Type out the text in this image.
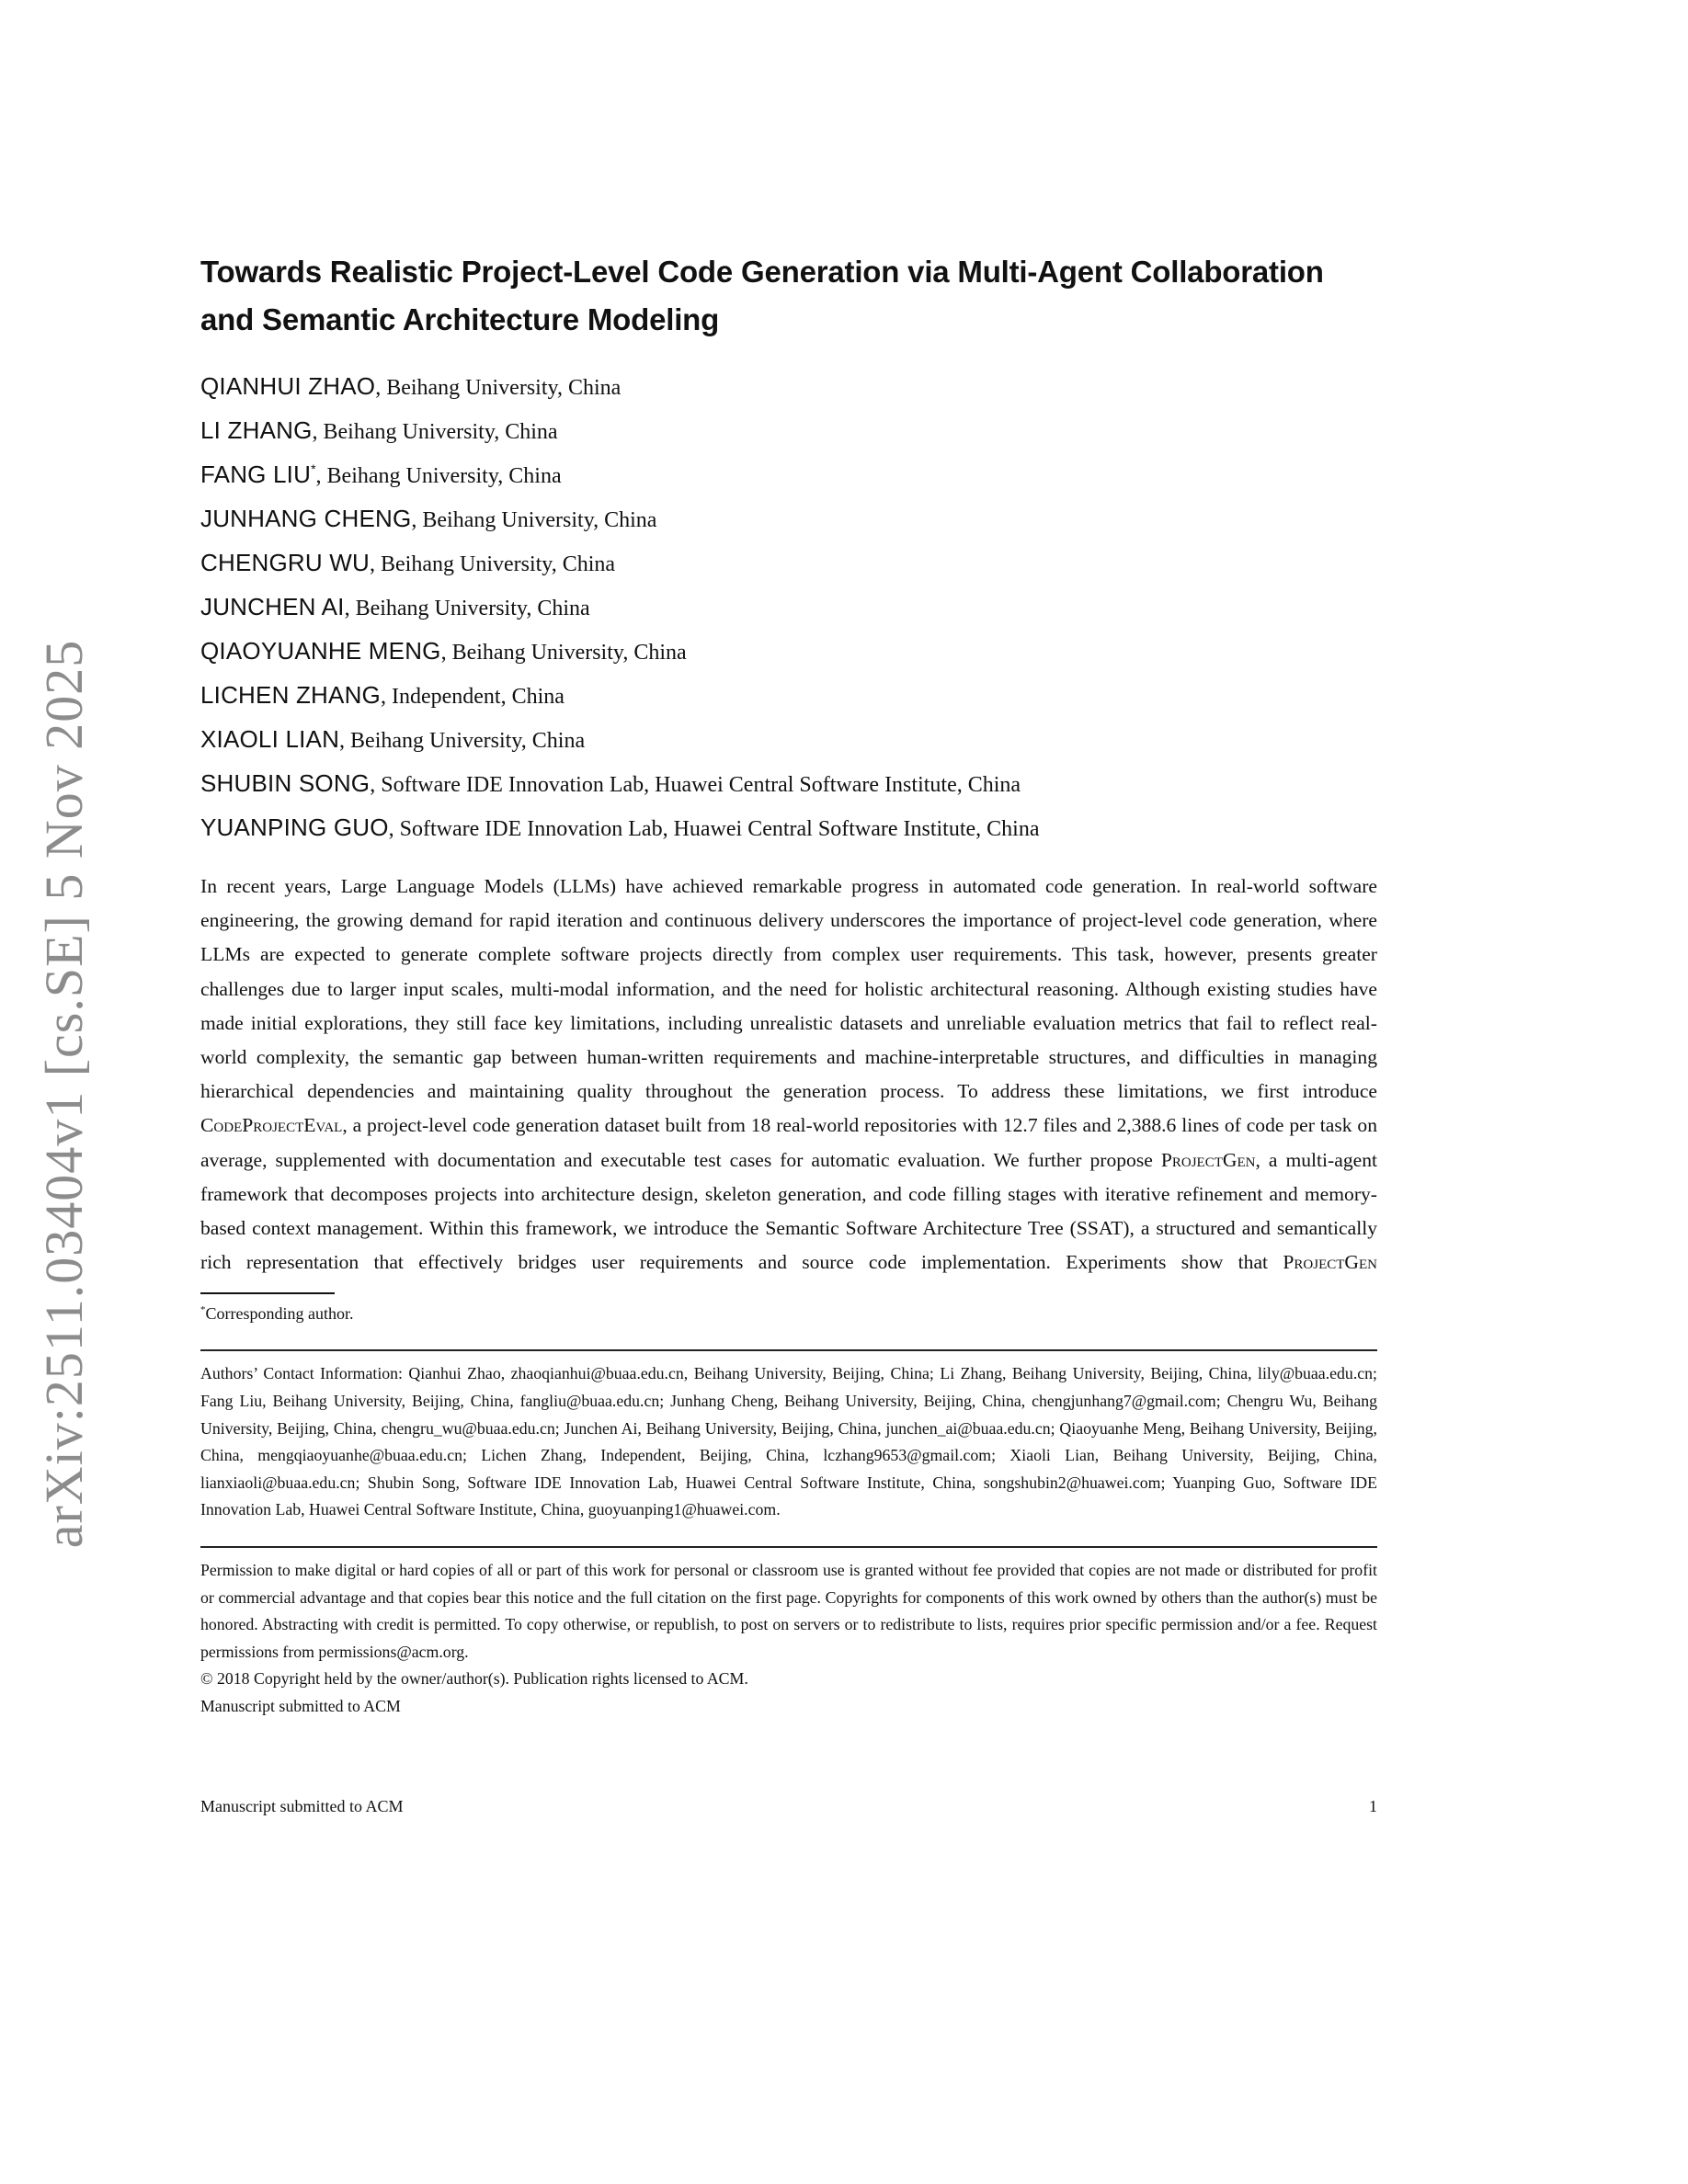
arXiv:2511.03404v1 [cs.SE] 5 Nov 2025
Towards Realistic Project-Level Code Generation via Multi-Agent Collaboration and Semantic Architecture Modeling
QIANHUI ZHAO, Beihang University, China
LI ZHANG, Beihang University, China
FANG LIU*, Beihang University, China
JUNHANG CHENG, Beihang University, China
CHENGRU WU, Beihang University, China
JUNCHEN AI, Beihang University, China
QIAOYUANHE MENG, Beihang University, China
LICHEN ZHANG, Independent, China
XIAOLI LIAN, Beihang University, China
SHUBIN SONG, Software IDE Innovation Lab, Huawei Central Software Institute, China
YUANPING GUO, Software IDE Innovation Lab, Huawei Central Software Institute, China
In recent years, Large Language Models (LLMs) have achieved remarkable progress in automated code generation. In real-world software engineering, the growing demand for rapid iteration and continuous delivery underscores the importance of project-level code generation, where LLMs are expected to generate complete software projects directly from complex user requirements. This task, however, presents greater challenges due to larger input scales, multi-modal information, and the need for holistic architectural reasoning. Although existing studies have made initial explorations, they still face key limitations, including unrealistic datasets and unreliable evaluation metrics that fail to reflect real-world complexity, the semantic gap between human-written requirements and machine-interpretable structures, and difficulties in managing hierarchical dependencies and maintaining quality throughout the generation process. To address these limitations, we first introduce CodeProjectEval, a project-level code generation dataset built from 18 real-world repositories with 12.7 files and 2,388.6 lines of code per task on average, supplemented with documentation and executable test cases for automatic evaluation. We further propose ProjectGen, a multi-agent framework that decomposes projects into architecture design, skeleton generation, and code filling stages with iterative refinement and memory-based context management. Within this framework, we introduce the Semantic Software Architecture Tree (SSAT), a structured and semantically rich representation that effectively bridges user requirements and source code implementation. Experiments show that ProjectGen
*Corresponding author.
Authors’ Contact Information: Qianhui Zhao, zhaoqianhui@buaa.edu.cn, Beihang University, Beijing, China; Li Zhang, Beihang University, Beijing, China, lily@buaa.edu.cn; Fang Liu, Beihang University, Beijing, China, fangliu@buaa.edu.cn; Junhang Cheng, Beihang University, Beijing, China, chengjunhang7@gmail.com; Chengru Wu, Beihang University, Beijing, China, chengru_wu@buaa.edu.cn; Junchen Ai, Beihang University, Beijing, China, junchen_ai@buaa.edu.cn; Qiaoyuanhe Meng, Beihang University, Beijing, China, mengqiaoyuanhe@buaa.edu.cn; Lichen Zhang, Independent, Beijing, China, lczhang9653@gmail.com; Xiaoli Lian, Beihang University, Beijing, China, lianxiaoli@buaa.edu.cn; Shubin Song, Software IDE Innovation Lab, Huawei Central Software Institute, China, songshubin2@huawei.com; Yuanping Guo, Software IDE Innovation Lab, Huawei Central Software Institute, China, guoyuanping1@huawei.com.

Permission to make digital or hard copies of all or part of this work for personal or classroom use is granted without fee provided that copies are not made or distributed for profit or commercial advantage and that copies bear this notice and the full citation on the first page. Copyrights for components of this work owned by others than the author(s) must be honored. Abstracting with credit is permitted. To copy otherwise, or republish, to post on servers or to redistribute to lists, requires prior specific permission and/or a fee. Request permissions from permissions@acm.org.

© 2018 Copyright held by the owner/author(s). Publication rights licensed to ACM.

Manuscript submitted to ACM

Manuscript submitted to ACM	1
